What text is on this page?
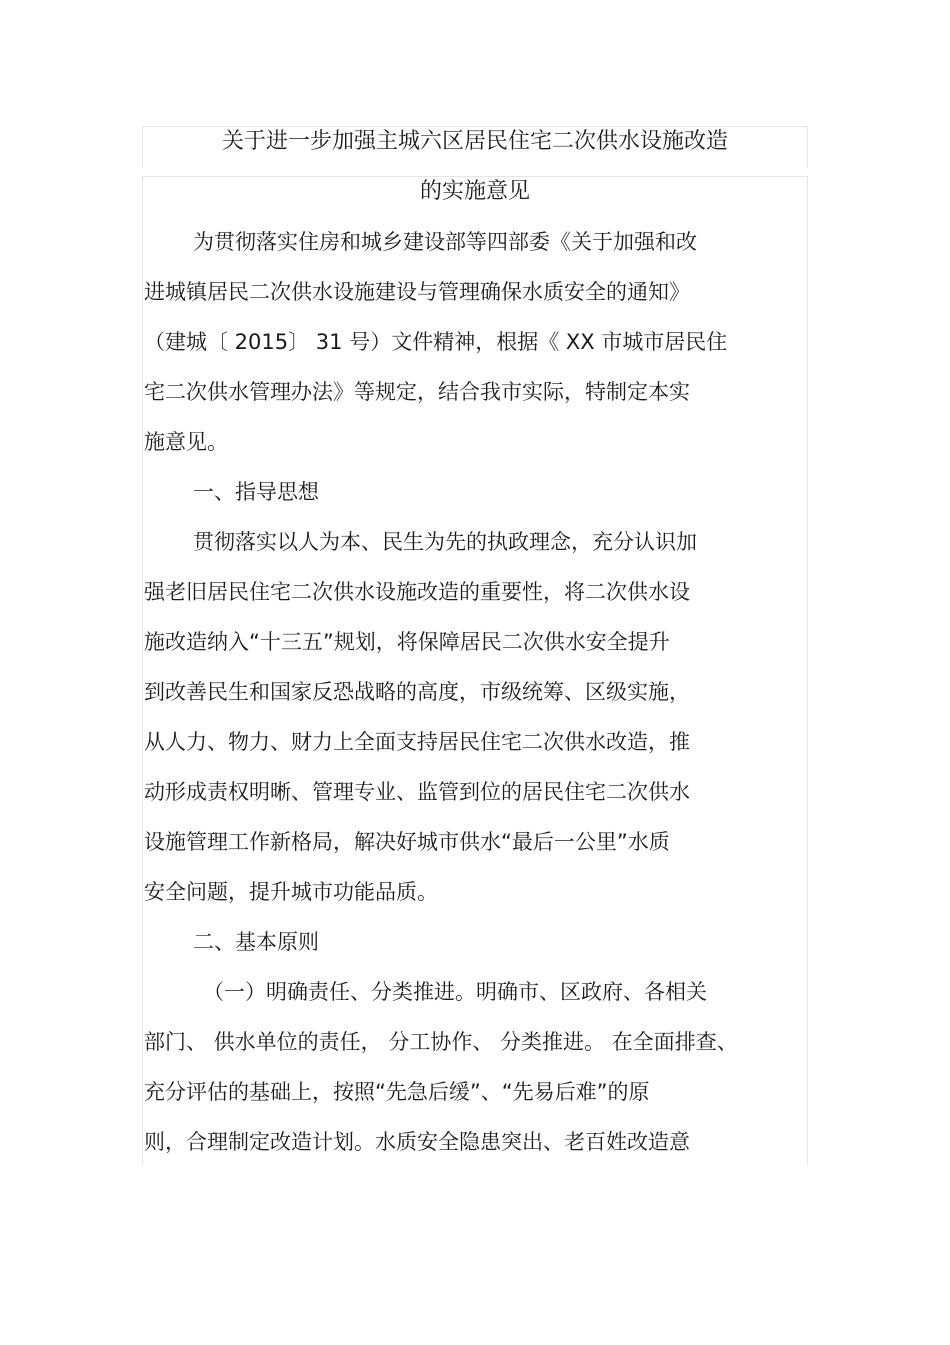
关于进一步加强主城六区居民住宅二次供水设施改造
的实施意见
为贯彻落实住房和城乡建设部等四部委《关于加强和改
进城镇居民二次供水设施建设与管理确保水质安全的通知》
（建城〔 2015〕 31 号）文件精神，根据《 XX 市城市居民住
宅二次供水管理办法》等规定，结合我市实际，特制定本实
施意见。
一、指导思想
贯彻落实以人为本、民生为先的执政理念，充分认识加
强老旧居民住宅二次供水设施改造的重要性，将二次供水设
施改造纳入“十三五”规划，将保障居民二次供水安全提升
到改善民生和国家反恐战略的高度，市级统筹、区级实施，
从人力、物力、财力上全面支持居民住宅二次供水改造，推
动形成责权明晰、管理专业、监管到位的居民住宅二次供水
设施管理工作新格局，解决好城市供水“最后一公里”水质
安全问题，提升城市功能品质。
二、基本原则
（一）明确责任、分类推进。明确市、区政府、各相关
部门、 供水单位的责任， 分工协作、 分类推进。 在全面排查、
充分评估的基础上，按照“先急后缓”、“先易后难”的原
则，合理制定改造计划。水质安全隐患突出、老百姓改造意
